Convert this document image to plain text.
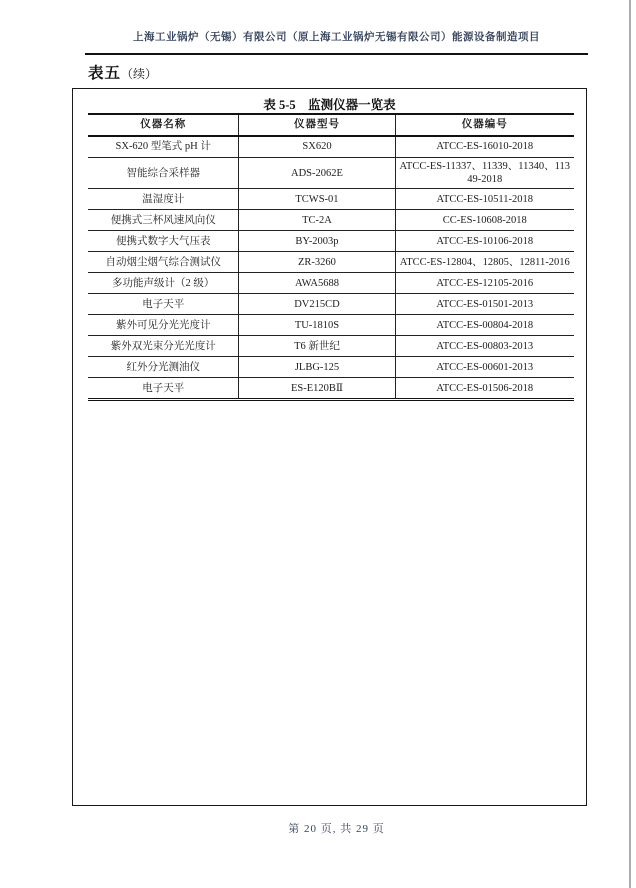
上海工业锅炉（无锡）有限公司（原上海工业锅炉无锡有限公司）能源设备制造项目
表五（续）
表 5-5　监测仪器一览表
仪器名称	仪器型号	仪器编号
SX-620 型笔式 pH 计	SX620	ATCC-ES-16010-2018
智能综合采样器	ADS-2062E	ATCC-ES-11337、11339、11340、11349-2018
温湿度计	TCWS-01	ATCC-ES-10511-2018
便携式三杯风速风向仪	TC-2A	CC-ES-10608-2018
便携式数字大气压表	BY-2003p	ATCC-ES-10106-2018
自动烟尘烟气综合测试仪	ZR-3260	ATCC-ES-12804、12805、12811-2016
多功能声级计（2 级）	AWA5688	ATCC-ES-12105-2016
电子天平	DV215CD	ATCC-ES-01501-2013
紫外可见分光光度计	TU-1810S	ATCC-ES-00804-2018
紫外双光束分光光度计	T6 新世纪	ATCC-ES-00803-2013
红外分光测油仪	JLBG-125	ATCC-ES-00601-2013
电子天平	ES-E120BⅡ	ATCC-ES-01506-2018
第 20 页, 共 29 页
